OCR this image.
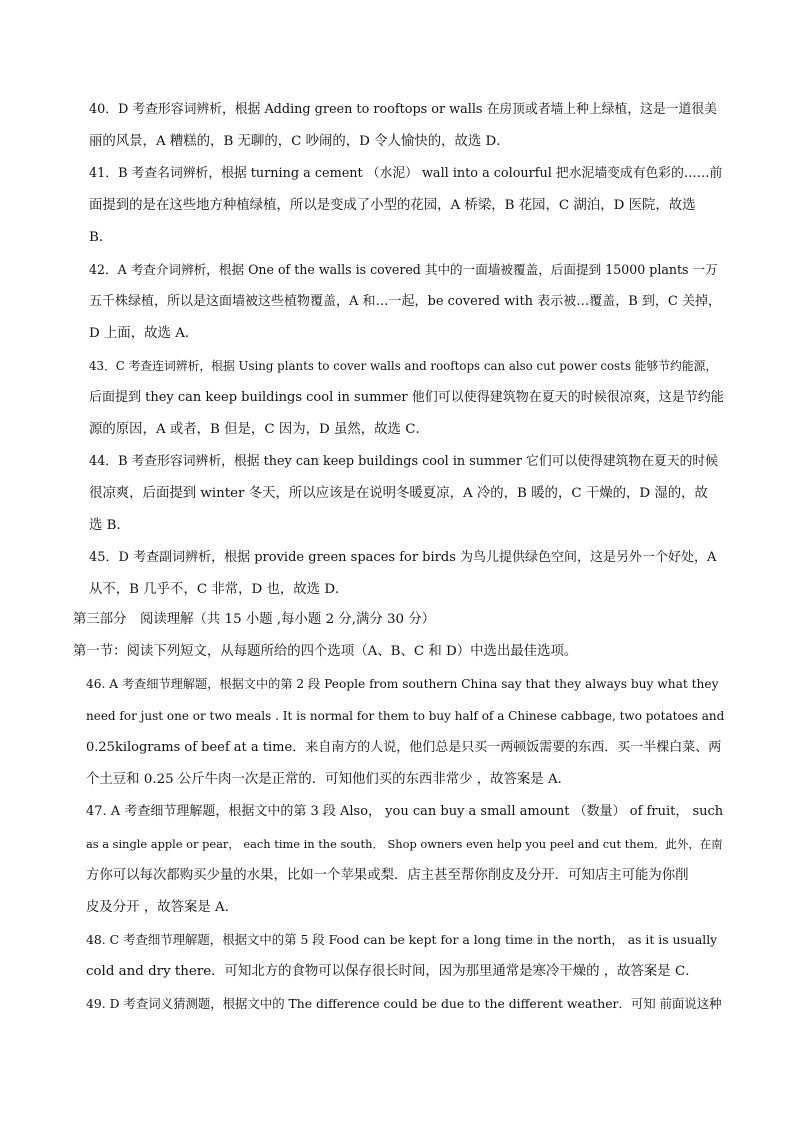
40．D 考查形容词辨析，根据 Adding green to rooftops or walls 在房顶或者墙上种上绿植，这是一道很美
丽的风景，A 糟糕的，B 无聊的，C 吵闹的，D 令人愉快的，故选 D．
41．B 考查名词辨析，根据 turning a cement （水泥） wall into a colourful 把水泥墙变成有色彩的……前
面提到的是在这些地方种植绿植，所以是变成了小型的花园，A 桥梁，B 花园，C 湖泊，D 医院，故选
B．
42．A 考查介词辨析，根据 One of the walls is covered 其中的一面墙被覆盖，后面提到 15000 plants 一万
五千株绿植，所以是这面墙被这些植物覆盖，A 和…一起，be covered with 表示被…覆盖，B 到，C 关掉，
D 上面，故选 A．
43．C 考查连词辨析，根据 Using plants to cover walls and rooftops can also cut power costs 能够节约能源，
后面提到 they can keep buildings cool in summer 他们可以使得建筑物在夏天的时候很凉爽，这是节约能
源的原因，A 或者，B 但是，C 因为，D 虽然，故选 C．
44．B 考查形容词辨析，根据 they can keep buildings cool in summer 它们可以使得建筑物在夏天的时候
很凉爽，后面提到 winter 冬天，所以应该是在说明冬暖夏凉，A 冷的，B 暖的，C 干燥的，D 湿的，故
选 B．
45．D 考查副词辨析，根据 provide green spaces for birds 为鸟儿提供绿色空间，这是另外一个好处，A
从不，B 几乎不，C 非常，D 也，故选 D．
第三部分　阅读理解（共 15 小题 ,每小题 2 分,满分 30 分）
第一节：阅读下列短文，从每题所给的四个选项（A、B、C 和 D）中选出最佳选项。
46. A 考查细节理解题，根据文中的第 2 段 People from southern China say that they always buy what they
need for just one or two meals . It is normal for them to buy half of a Chinese cabbage, two potatoes and
0.25kilograms of beef at a time．来自南方的人说，他们总是只买一两顿饭需要的东西．买一半棵白菜、两
个土豆和 0.25 公斤牛肉一次是正常的．可知他们买的东西非常少 ，故答案是 A．
47. A 考查细节理解题，根据文中的第 3 段 Also， you can buy a small amount （数量） of fruit， such
as a single apple or pear， each time in the south． Shop owners even help you peel and cut them．此外，在南
方你可以每次都购买少量的水果，比如一个苹果或梨．店主甚至帮你削皮及分开．可知店主可能为你削
皮及分开 ，故答案是 A．
48. C 考查细节理解题，根据文中的第 5 段 Food can be kept for a long time in the north， as it is usually
cold and dry there．可知北方的食物可以保存很长时间，因为那里通常是寒冷干燥的 ，故答案是 C．
49. D 考查词义猜测题，根据文中的 The difference could be due to the different weather．可知 前面说这种
